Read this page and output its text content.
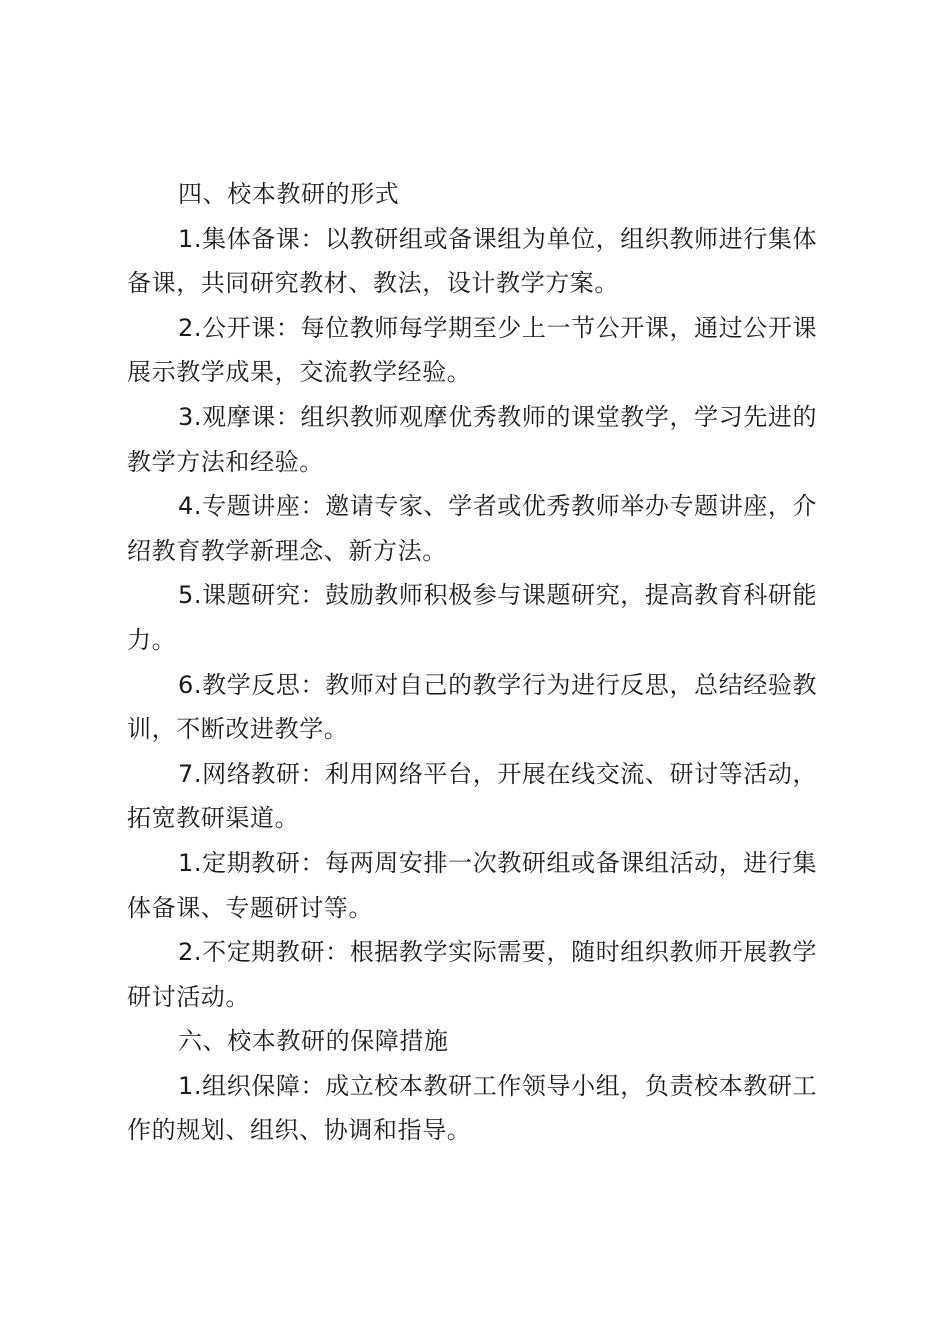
四、校本教研的形式

1.集体备课：以教研组或备课组为单位，组织教师进行集体备课，共同研究教材、教法，设计教学方案。

2.公开课：每位教师每学期至少上一节公开课，通过公开课展示教学成果，交流教学经验。

3.观摩课：组织教师观摩优秀教师的课堂教学，学习先进的教学方法和经验。

4.专题讲座：邀请专家、学者或优秀教师举办专题讲座，介绍教育教学新理念、新方法。

5.课题研究：鼓励教师积极参与课题研究，提高教育科研能力。

6.教学反思：教师对自己的教学行为进行反思，总结经验教训，不断改进教学。

7.网络教研：利用网络平台，开展在线交流、研讨等活动，拓宽教研渠道。

1.定期教研：每两周安排一次教研组或备课组活动，进行集体备课、专题研讨等。

2.不定期教研：根据教学实际需要，随时组织教师开展教学研讨活动。

六、校本教研的保障措施

1.组织保障：成立校本教研工作领导小组，负责校本教研工作的规划、组织、协调和指导。
